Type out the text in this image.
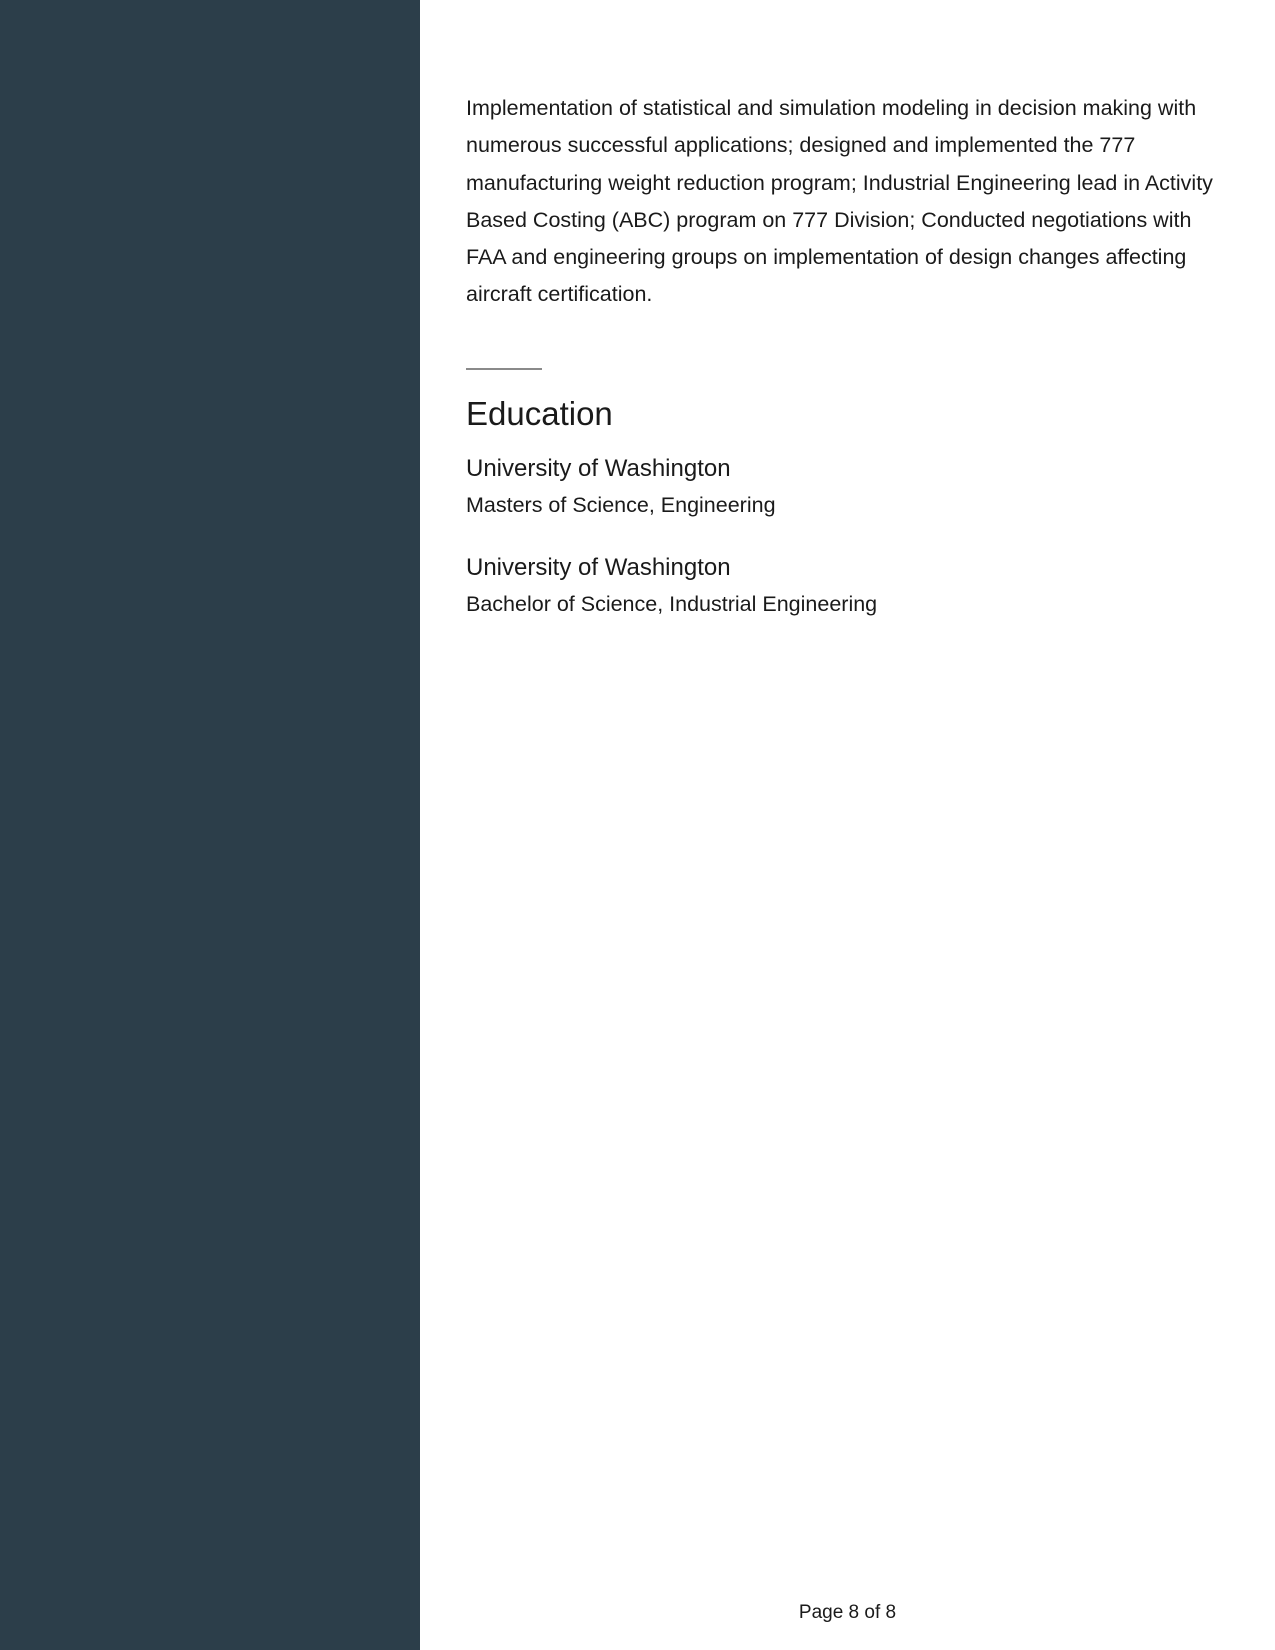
Implementation of statistical and simulation modeling in decision making with numerous successful applications; designed and implemented the 777 manufacturing weight reduction program; Industrial Engineering lead in Activity Based Costing (ABC) program on 777 Division; Conducted negotiations with FAA and engineering groups on implementation of design changes affecting aircraft certification.

Education
University of Washington
Masters of Science, Engineering
University of Washington
Bachelor of Science, Industrial Engineering
Page 8 of 8
